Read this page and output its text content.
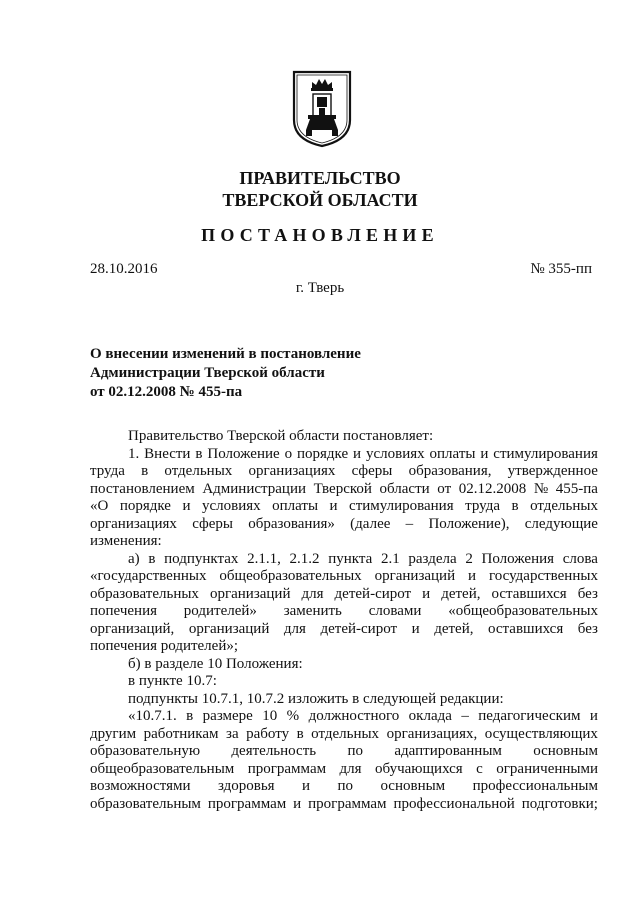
ПРАВИТЕЛЬСТВО
ТВЕРСКОЙ ОБЛАСТИ
ПОСТАНОВЛЕНИЕ
28.10.2016	№ 355-пп
г. Тверь
О внесении изменений в постановление
Администрации Тверской области
от 02.12.2008 № 455-па
Правительство Тверской области постановляет:
1. Внести в Положение о порядке и условиях оплаты и стимулирования
труда в отдельных организациях сферы образования, утвержденное
постановлением Администрации Тверской области от 02.12.2008 № 455-па
«О порядке и условиях оплаты и стимулирования труда в отдельных
организациях сферы образования» (далее – Положение), следующие
изменения:
а) в подпунктах 2.1.1, 2.1.2 пункта 2.1 раздела 2 Положения слова
«государственных общеобразовательных организаций и государственных
образовательных организаций для детей-сирот и детей, оставшихся без
попечения родителей» заменить словами «общеобразовательных
организаций, организаций для детей-сирот и детей, оставшихся без
попечения родителей»;
б) в разделе 10 Положения:
в пункте 10.7:
подпункты 10.7.1, 10.7.2 изложить в следующей редакции:
«10.7.1. в размере 10 % должностного оклада – педагогическим и
другим работникам за работу в отдельных организациях, осуществляющих
образовательную деятельность по адаптированным основным
общеобразовательным программам для обучающихся с ограниченными
возможностями здоровья и по основным профессиональным
образовательным программам и программам профессиональной подготовки;
